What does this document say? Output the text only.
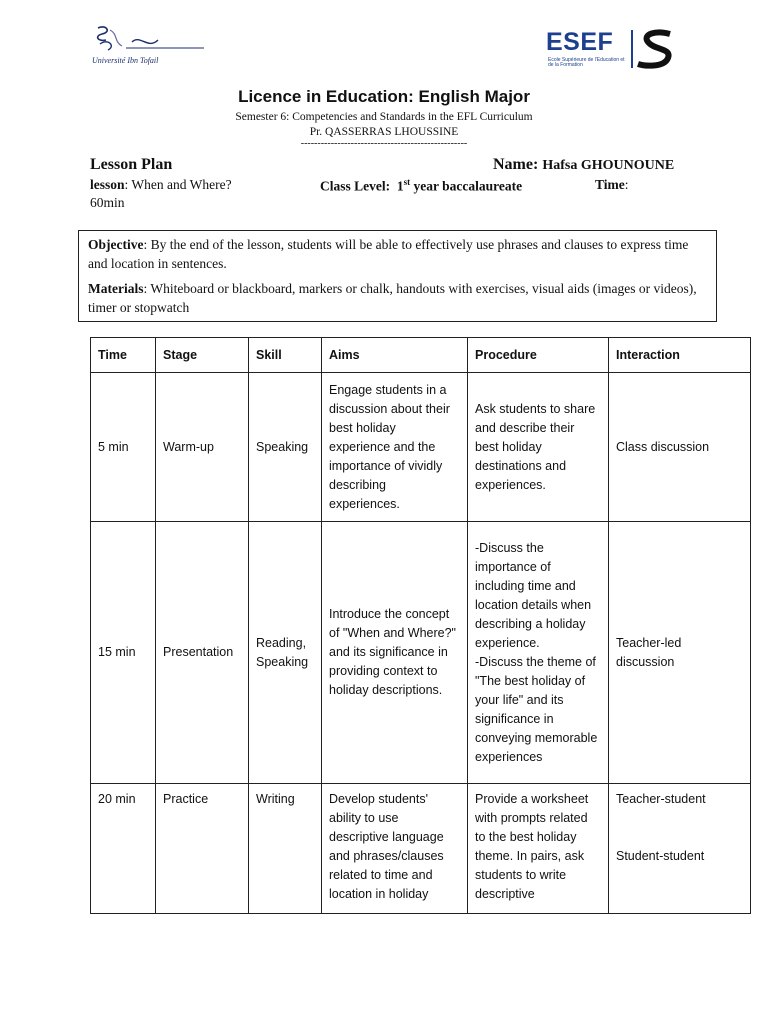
Université Ibn Tofail
ESEF
Ecole Supérieure de l'Education et de la Formation
Licence in Education: English Major
Semester 6: Competencies and Standards in the EFL Curriculum
Pr. QASSERRAS LHOUSSINE
--------------------------------------------------
Lesson Plan	Name: Hafsa GHOUNOUNE
lesson: When and Where?	Class Level: 1st year baccalaureate	Time:
60min

Objective: By the end of the lesson, students will be able to effectively use phrases and clauses to express time and location in sentences.

Materials: Whiteboard or blackboard, markers or chalk, handouts with exercises, visual aids (images or videos), timer or stopwatch

Time	Stage	Skill	Aims	Procedure	Interaction
5 min	Warm-up	Speaking	Engage students in a discussion about their best holiday experience and the importance of vividly describing experiences.	Ask students to share and describe their best holiday destinations and experiences.	Class discussion
15 min	Presentation	Reading, Speaking	Introduce the concept of "When and Where?" and its significance in providing context to holiday descriptions.	-Discuss the importance of including time and location details when describing a holiday experience.
-Discuss the theme of "The best holiday of your life" and its significance in conveying memorable experiences	Teacher-led discussion
20 min	Practice	Writing	Develop students' ability to use descriptive language and phrases/clauses related to time and location in holiday	Provide a worksheet with prompts related to the best holiday theme. In pairs, ask students to write descriptive	Teacher-student
Student-student
